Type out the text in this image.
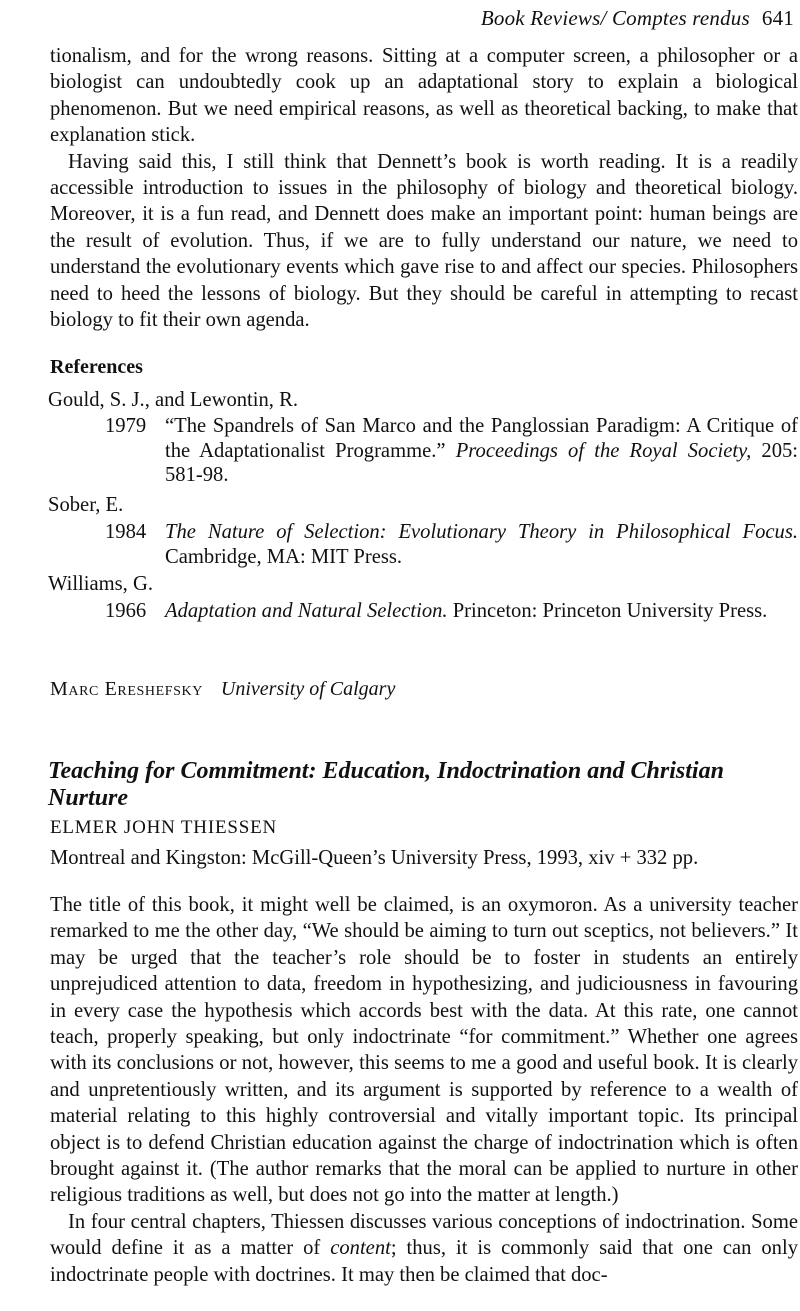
Book Reviews/ Comptes rendus 641

tionalism, and for the wrong reasons. Sitting at a computer screen, a philosopher or a biologist can undoubtedly cook up an adaptational story to explain a biological phenomenon. But we need empirical reasons, as well as theoretical backing, to make that explanation stick.

Having said this, I still think that Dennett’s book is worth reading. It is a readily accessible introduction to issues in the philosophy of biology and theoretical biology. Moreover, it is a fun read, and Dennett does make an important point: human beings are the result of evolution. Thus, if we are to fully understand our nature, we need to understand the evolutionary events which gave rise to and affect our species. Philosophers need to heed the lessons of biology. But they should be careful in attempting to recast biology to fit their own agenda.

References
Gould, S. J., and Lewontin, R.
1979 “The Spandrels of San Marco and the Panglossian Paradigm: A Critique of the Adaptationalist Programme.” Proceedings of the Royal Society, 205: 581-98.
Sober, E.
1984 The Nature of Selection: Evolutionary Theory in Philosophical Focus. Cambridge, MA: MIT Press.
Williams, G.
1966 Adaptation and Natural Selection. Princeton: Princeton University Press.
Marc Ereshefsky University of Calgary
Teaching for Commitment: Education, Indoctrination and Christian Nurture
ELMER JOHN THIESSEN
Montreal and Kingston: McGill-Queen’s University Press, 1993, xiv + 332 pp.

The title of this book, it might well be claimed, is an oxymoron. As a university teacher remarked to me the other day, “We should be aiming to turn out sceptics, not believers.” It may be urged that the teacher’s role should be to foster in students an entirely unprejudiced attention to data, freedom in hypothesizing, and judiciousness in favouring in every case the hypothesis which accords best with the data. At this rate, one cannot teach, properly speaking, but only indoctrinate “for commitment.” Whether one agrees with its conclusions or not, however, this seems to me a good and useful book. It is clearly and unpretentiously written, and its argument is supported by reference to a wealth of material relating to this highly controversial and vitally important topic. Its principal object is to defend Christian education against the charge of indoctrination which is often brought against it. (The author remarks that the moral can be applied to nurture in other religious traditions as well, but does not go into the matter at length.)

In four central chapters, Thiessen discusses various conceptions of indoctrination. Some would define it as a matter of content; thus, it is commonly said that one can only indoctrinate people with doctrines. It may then be claimed that doc-
